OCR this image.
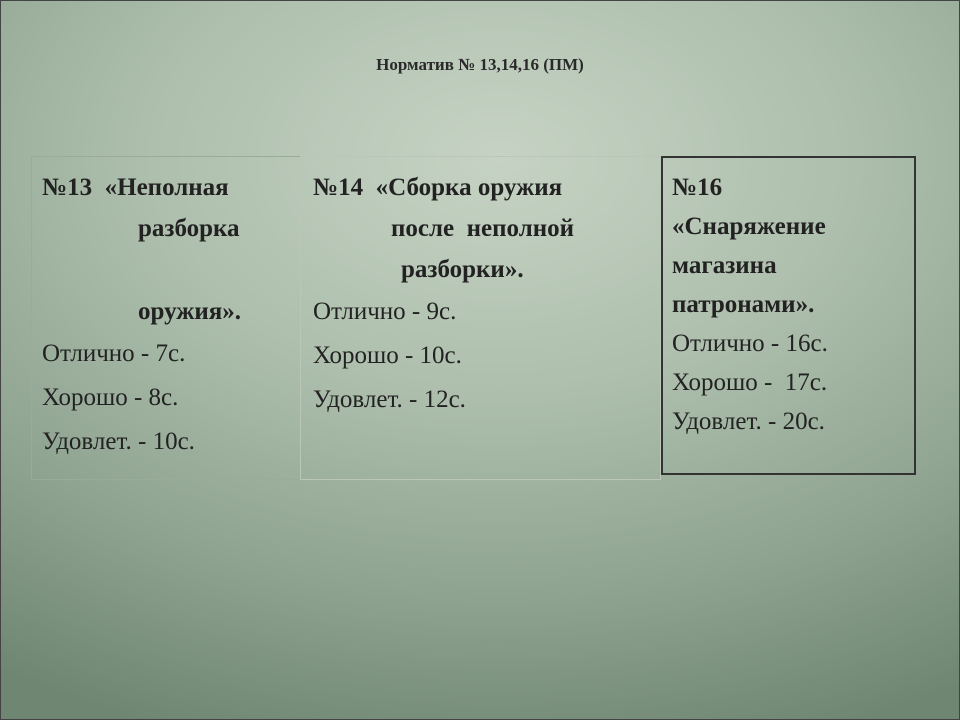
Норматив № 13,14,16 (ПМ)
№13  «Неполная
разборка
оружия».
Отлично - 7с.
Хорошо - 8с.
Удовлет. - 10с.
№14  «Сборка оружия
после  неполной
разборки».
Отлично - 9с.
Хорошо - 10с.
Удовлет. - 12с.
№16
«Снаряжение
магазина
патронами».
Отлично - 16с.
Хорошо -  17с.
Удовлет. - 20с.
